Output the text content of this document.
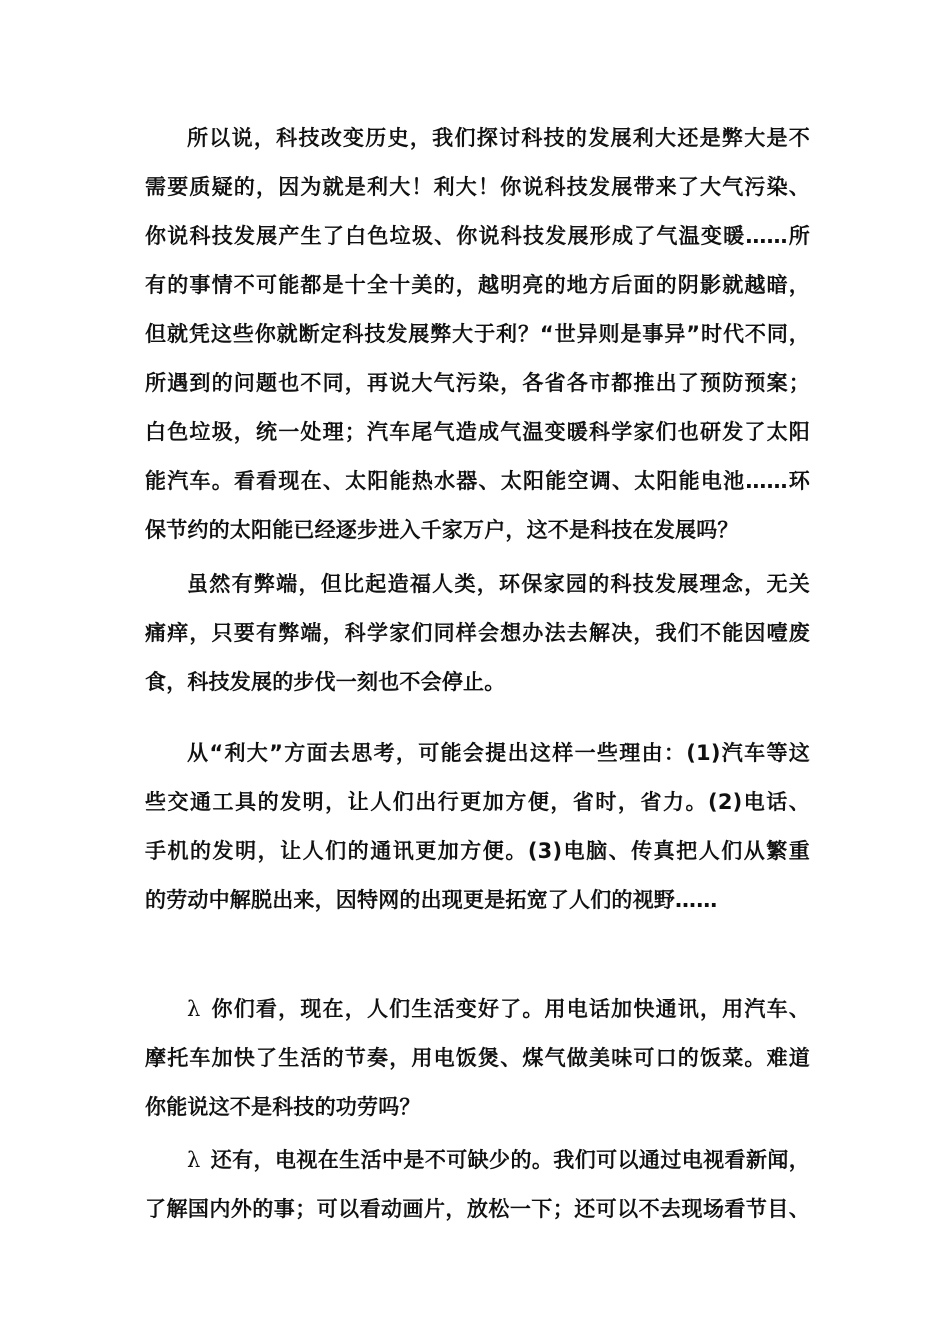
所以说，科技改变历史，我们探讨科技的发展利大还是弊大是不
需要质疑的，因为就是利大！利大！你说科技发展带来了大气污染、
你说科技发展产生了白色垃圾、你说科技发展形成了气温变暖……所
有的事情不可能都是十全十美的，越明亮的地方后面的阴影就越暗，
但就凭这些你就断定科技发展弊大于利？“世异则是事异”时代不同，
所遇到的问题也不同，再说大气污染，各省各市都推出了预防预案；
白色垃圾，统一处理；汽车尾气造成气温变暖科学家们也研发了太阳
能汽车。看看现在、太阳能热水器、太阳能空调、太阳能电池……环
保节约的太阳能已经逐步进入千家万户，这不是科技在发展吗？
虽然有弊端，但比起造福人类，环保家园的科技发展理念，无关
痛痒，只要有弊端，科学家们同样会想办法去解决，我们不能因噎废
食，科技发展的步伐一刻也不会停止。
从“利大”方面去思考，可能会提出这样一些理由：(1)汽车等这
些交通工具的发明，让人们出行更加方便，省时，省力。(2)电话、
手机的发明，让人们的通讯更加方便。(3)电脑、传真把人们从繁重
的劳动中解脱出来，因特网的出现更是拓宽了人们的视野……
λ 你们看，现在，人们生活变好了。用电话加快通讯，用汽车、
摩托车加快了生活的节奏，用电饭煲、煤气做美味可口的饭菜。难道
你能说这不是科技的功劳吗？
λ 还有，电视在生活中是不可缺少的。我们可以通过电视看新闻，
了解国内外的事；可以看动画片，放松一下；还可以不去现场看节目、
